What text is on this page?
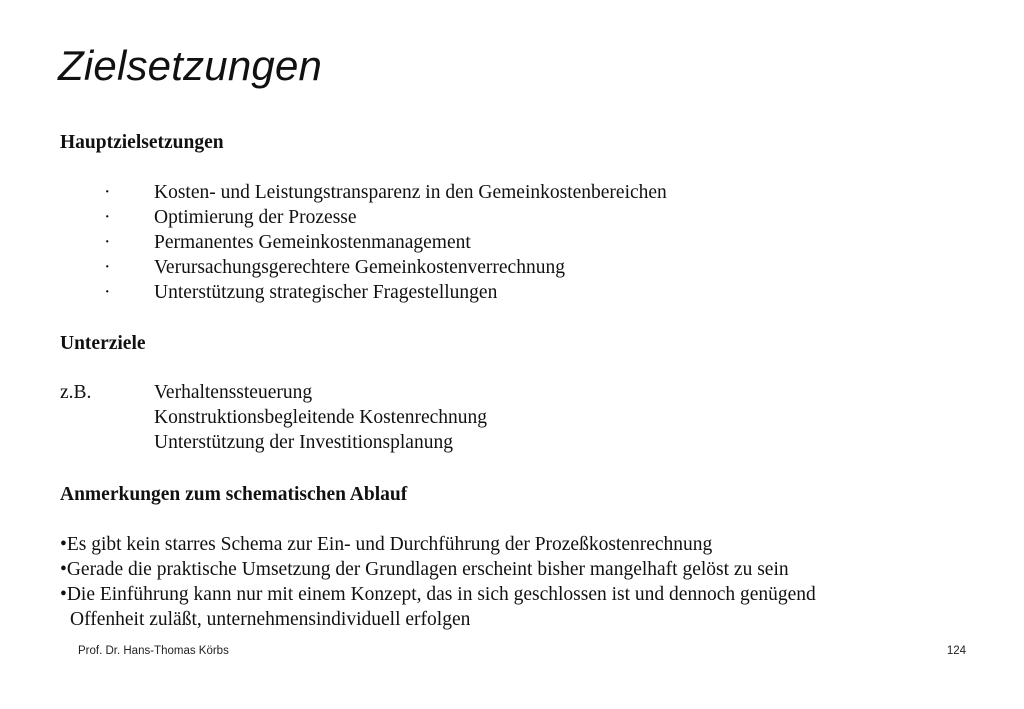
Zielsetzungen
Hauptzielsetzungen
· Kosten- und Leistungstransparenz in den Gemeinkostenbereichen
· Optimierung der Prozesse
· Permanentes Gemeinkostenmanagement
· Verursachungsgerechtere Gemeinkostenverrechnung
· Unterstützung strategischer Fragestellungen
Unterziele
z.B.	Verhaltenssteuerung
Konstruktionsbegleitende Kostenrechnung
Unterstützung der Investitionsplanung
Anmerkungen zum schematischen Ablauf
•Es gibt kein starres Schema zur Ein- und Durchführung der Prozeßkostenrechnung
•Gerade die praktische Umsetzung der Grundlagen erscheint bisher mangelhaft gelöst zu sein
•Die Einführung kann nur mit einem Konzept, das in sich geschlossen ist und dennoch genügend
Offenheit zuläßt, unternehmensindividuell erfolgen
Prof. Dr. Hans-Thomas Körbs	124
